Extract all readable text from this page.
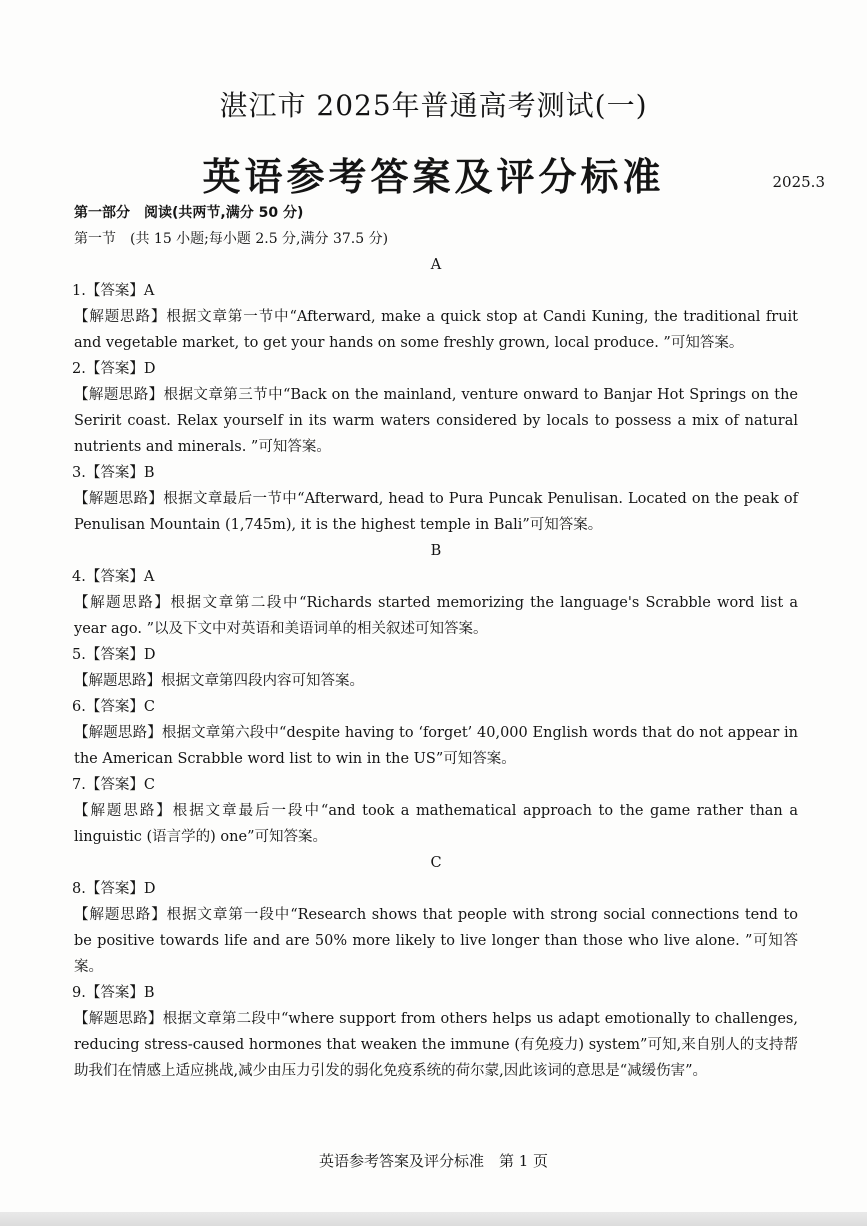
湛江市 2025年普通高考测试(一)
英语参考答案及评分标准	2025.3
第一部分　阅读(共两节,满分 50 分)
第一节　(共 15 小题;每小题 2.5 分,满分 37.5 分)
A
1.【答案】A
【解题思路】根据文章第一节中“Afterward, make a quick stop at Candi Kuning, the traditional fruit and vegetable market, to get your hands on some freshly grown, local produce. ”可知答案。
2.【答案】D
【解题思路】根据文章第三节中“Back on the mainland, venture onward to Banjar Hot Springs on the Seririt coast. Relax yourself in its warm waters considered by locals to possess a mix of natural nutrients and minerals. ”可知答案。
3.【答案】B
【解题思路】根据文章最后一节中“Afterward, head to Pura Puncak Penulisan. Located on the peak of Penulisan Mountain (1,745m), it is the highest temple in Bali”可知答案。
B
4.【答案】A
【解题思路】根据文章第二段中“Richards started memorizing the language's Scrabble word list a year ago. ”以及下文中对英语和美语词单的相关叙述可知答案。
5.【答案】D
【解题思路】根据文章第四段内容可知答案。
6.【答案】C
【解题思路】根据文章第六段中“despite having to ‘forget’ 40,000 English words that do not appear in the American Scrabble word list to win in the US”可知答案。
7.【答案】C
【解题思路】根据文章最后一段中“and took a mathematical approach to the game rather than a linguistic (语言学的) one”可知答案。
C
8.【答案】D
【解题思路】根据文章第一段中“Research shows that people with strong social connections tend to be positive towards life and are 50% more likely to live longer than those who live alone. ”可知答案。
9.【答案】B
【解题思路】根据文章第二段中“where support from others helps us adapt emotionally to challenges, reducing stress-caused hormones that weaken the immune (有免疫力) system”可知,来自别人的支持帮助我们在情感上适应挑战,减少由压力引发的弱化免疫系统的荷尔蒙,因此该词的意思是“减缓伤害”。
英语参考答案及评分标准　第 1 页
